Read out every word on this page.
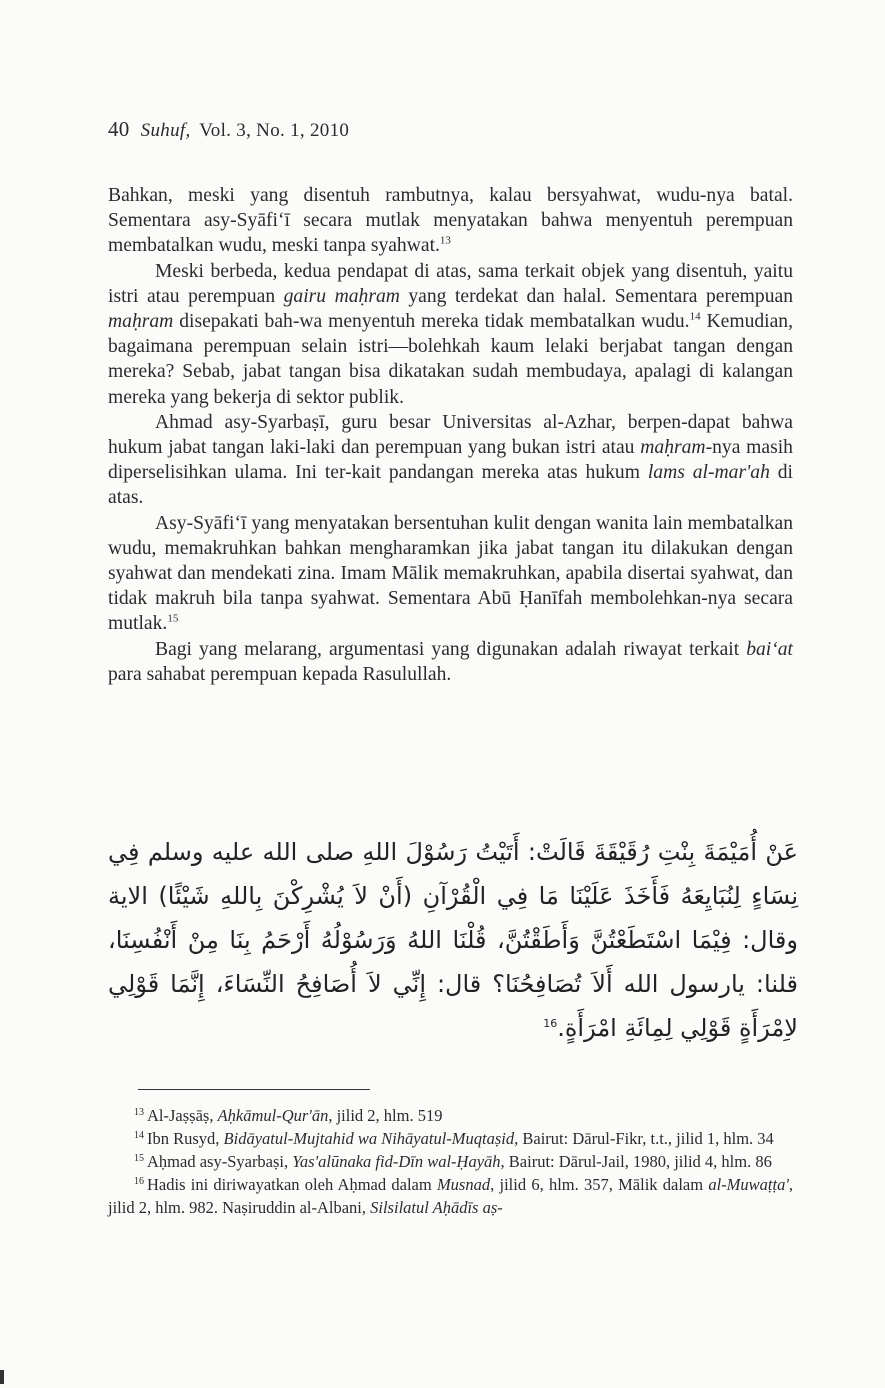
40 Suhuf, Vol. 3, No. 1, 2010

Bahkan, meski yang disentuh rambutnya, kalau bersyahwat, wudu-nya batal. Sementara asy-Syāfi‘ī secara mutlak menyatakan bahwa menyentuh perempuan membatalkan wudu, meski tanpa syahwat.$^{13}$

Meski berbeda, kedua pendapat di atas, sama terkait objek yang disentuh, yaitu istri atau perempuan gairu maḥram yang terdekat dan halal. Sementara perempuan maḥram disepakati bah-wa menyentuh mereka tidak membatalkan wudu.$^{14}$ Kemudian, bagaimana perempuan selain istri—bolehkah kaum lelaki berjabat tangan dengan mereka? Sebab, jabat tangan bisa dikatakan sudah membudaya, apalagi di kalangan mereka yang bekerja di sektor publik.

Ahmad asy-Syarbaṣī, guru besar Universitas al-Azhar, berpen-dapat bahwa hukum jabat tangan laki-laki dan perempuan yang bukan istri atau maḥram-nya masih diperselisihkan ulama. Ini ter-kait pandangan mereka atas hukum lams al-mar'ah di atas.

Asy-Syāfi‘ī yang menyatakan bersentuhan kulit dengan wanita lain membatalkan wudu, memakruhkan bahkan mengharamkan jika jabat tangan itu dilakukan dengan syahwat dan mendekati zina. Imam Mālik memakruhkan, apabila disertai syahwat, dan tidak makruh bila tanpa syahwat. Sementara Abū Ḥanīfah membolehkan-nya secara mutlak.$^{15}$

Bagi yang melarang, argumentasi yang digunakan adalah riwayat terkait bai‘at para sahabat perempuan kepada Rasulullah.

عَنْ أُمَيْمَةَ بِنْتِ رُقَيْقَةَ قَالَتْ: أَتَيْتُ رَسُوْلَ اللهِ صلى الله عليه وسلم فِي نِسَاءٍ لِنُبَايِعَهُ فَأَخَذَ عَلَيْنَا مَا فِي الْقُرْآنِ (أَنْ لاَ يُشْرِكْنَ بِاللهِ شَيْئًا) الاية وقال: فِيْمَا اسْتَطَعْتُنَّ وَأَطَقْتُنَّ، قُلْنَا اللهُ وَرَسُوْلُهُ أَرْحَمُ بِنَا مِنْ أَنْفُسِنَا، قلنا: يارسول الله أَلاَ تُصَافِحُنَا؟ قال: إِنِّي لاَ أُصَافِحُ النِّسَاءَ، إِنَّمَا قَوْلِي لاِمْرَأَةٍ قَوْلِي لِمِائَةِ امْرَأَةٍ.$^{16}$

$^{13}$ Al-Jaṣṣāṣ, Aḥkāmul-Qur'ān, jilid 2, hlm. 519

$^{14}$ Ibn Rusyd, Bidāyatul-Mujtahid wa Nihāyatul-Muqtaṣid, Bairut: Dārul-Fikr, t.t., jilid 1, hlm. 34

$^{15}$ Aḥmad asy-Syarbaṣi, Yas'alūnaka fid-Dīn wal-Ḥayāh, Bairut: Dārul-Jail, 1980, jilid 4, hlm. 86

$^{16}$ Hadis ini diriwayatkan oleh Aḥmad dalam Musnad, jilid 6, hlm. 357, Mālik dalam al-Muwaṭṭa', jilid 2, hlm. 982. Naṣiruddin al-Albani, Silsilatul Aḥādīs aṣ-
